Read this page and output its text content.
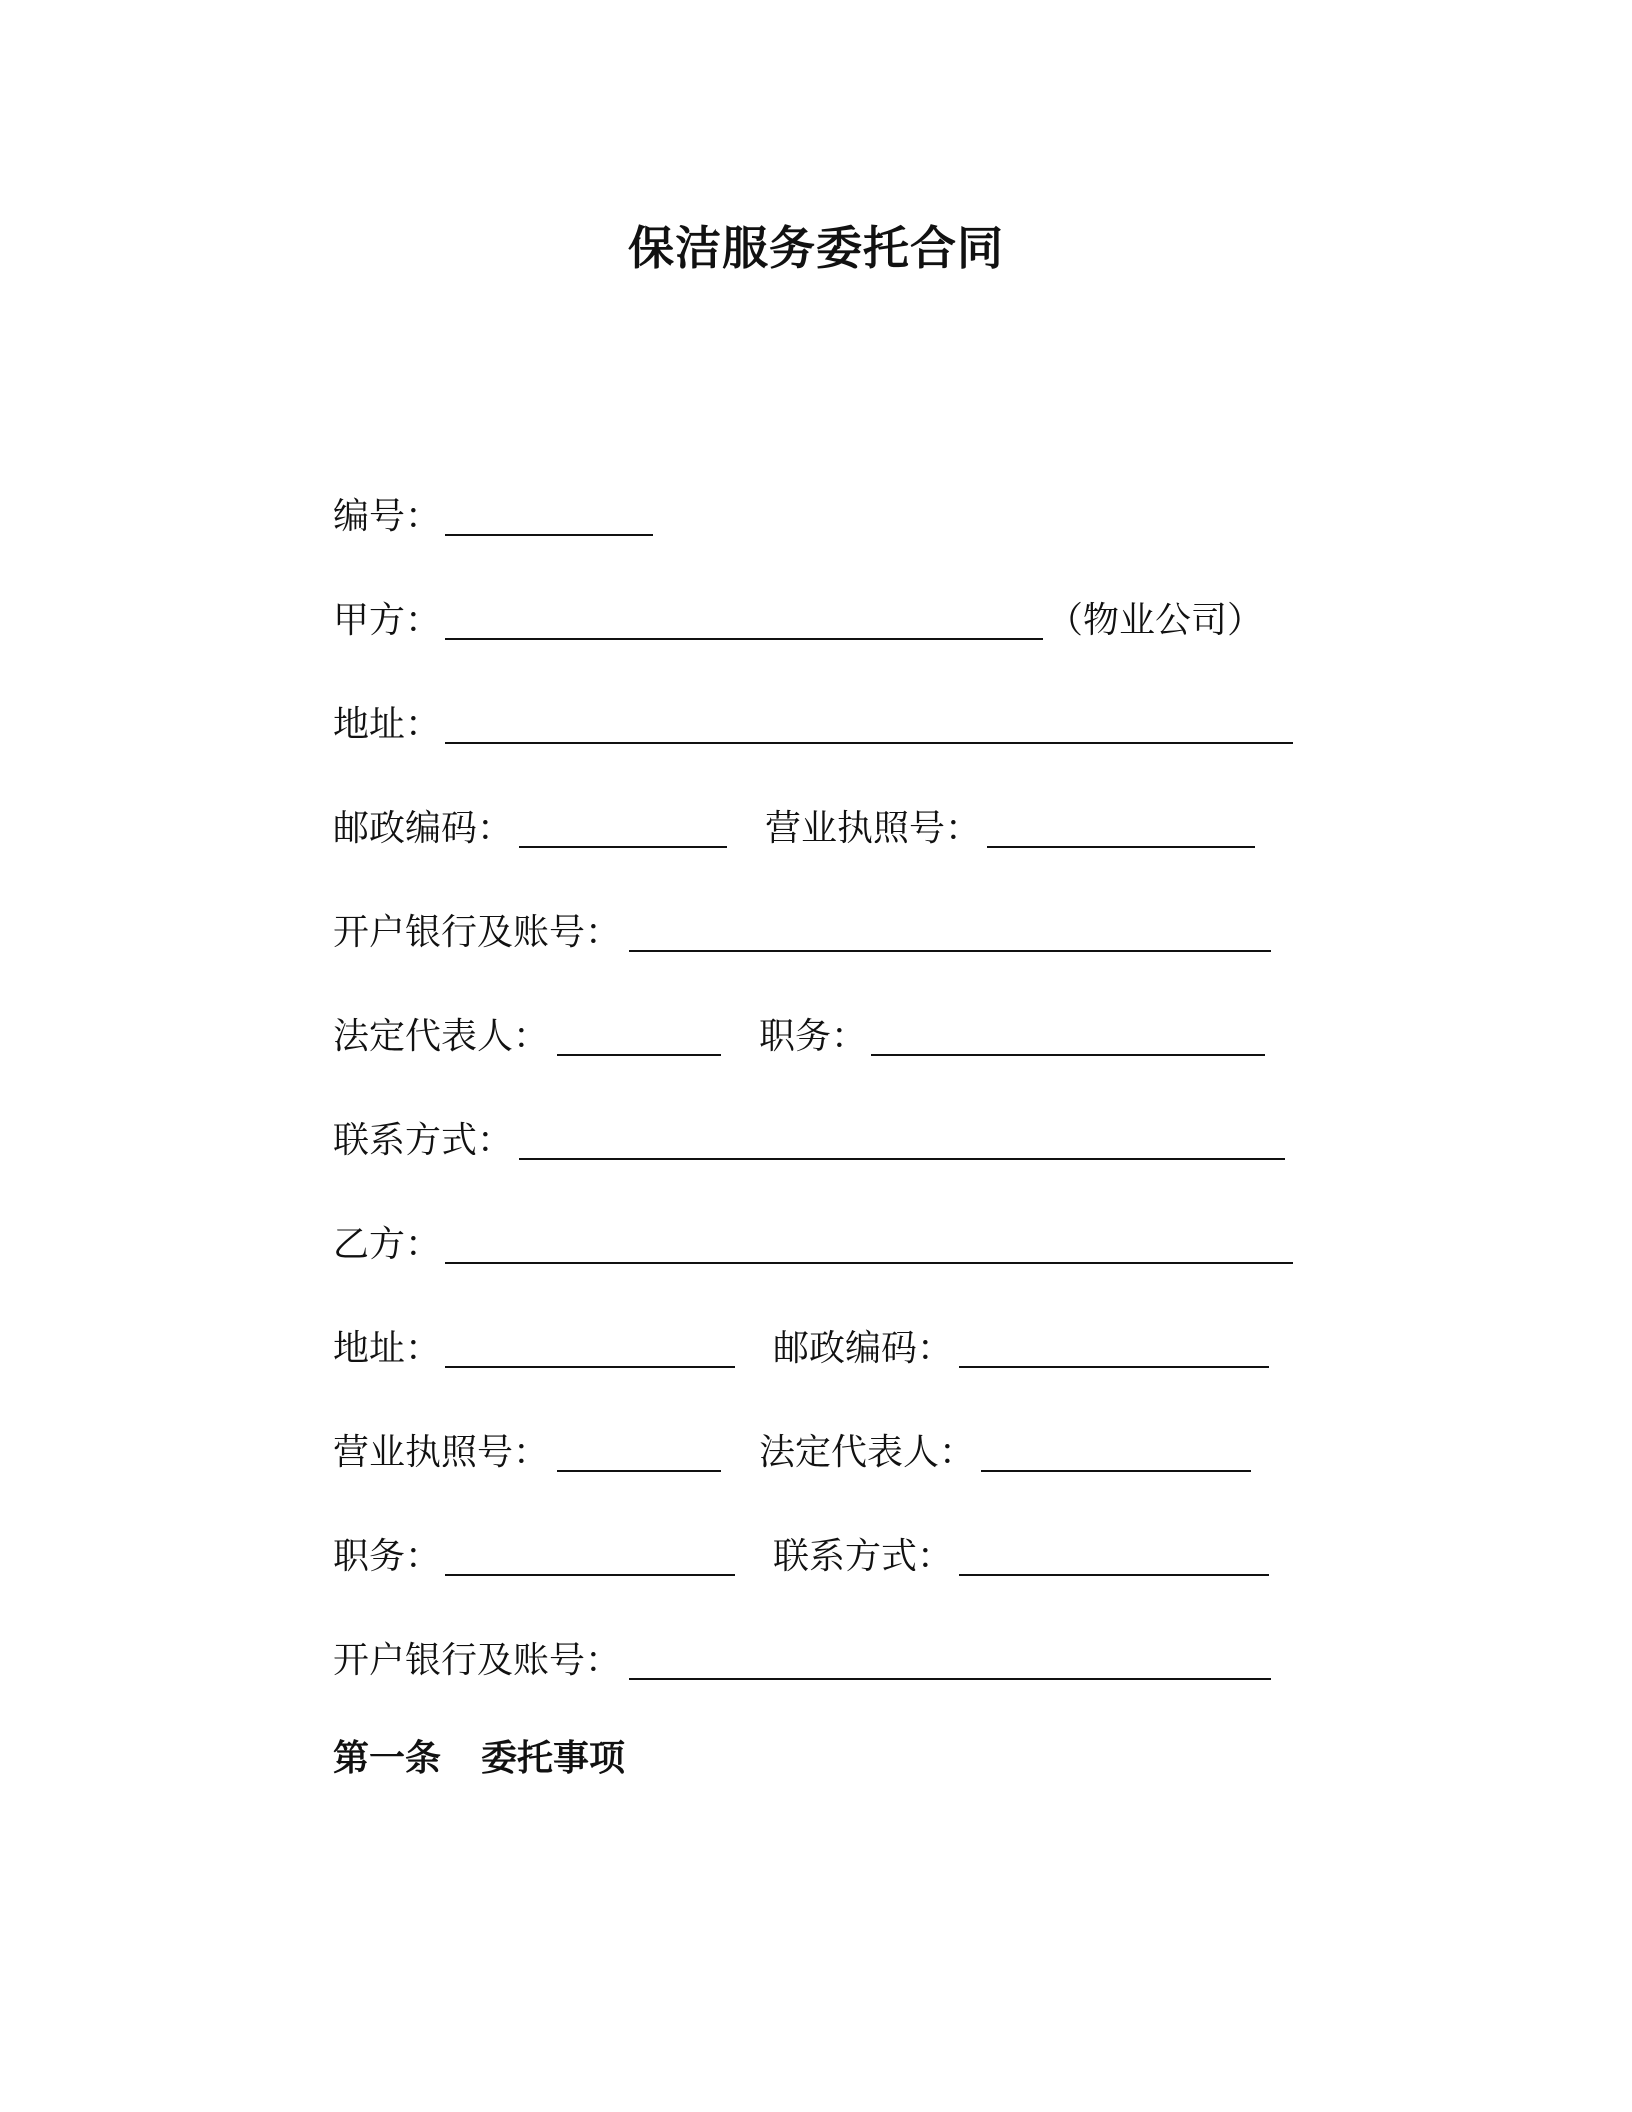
保洁服务委托合同
编号：
甲方：	（物业公司）
地址：
邮政编码：	营业执照号：
开户银行及账号：
法定代表人：	职务：
联系方式：
乙方：
地址：	邮政编码：
营业执照号：	法定代表人：
职务：	联系方式：
开户银行及账号：
第一条 委托事项
